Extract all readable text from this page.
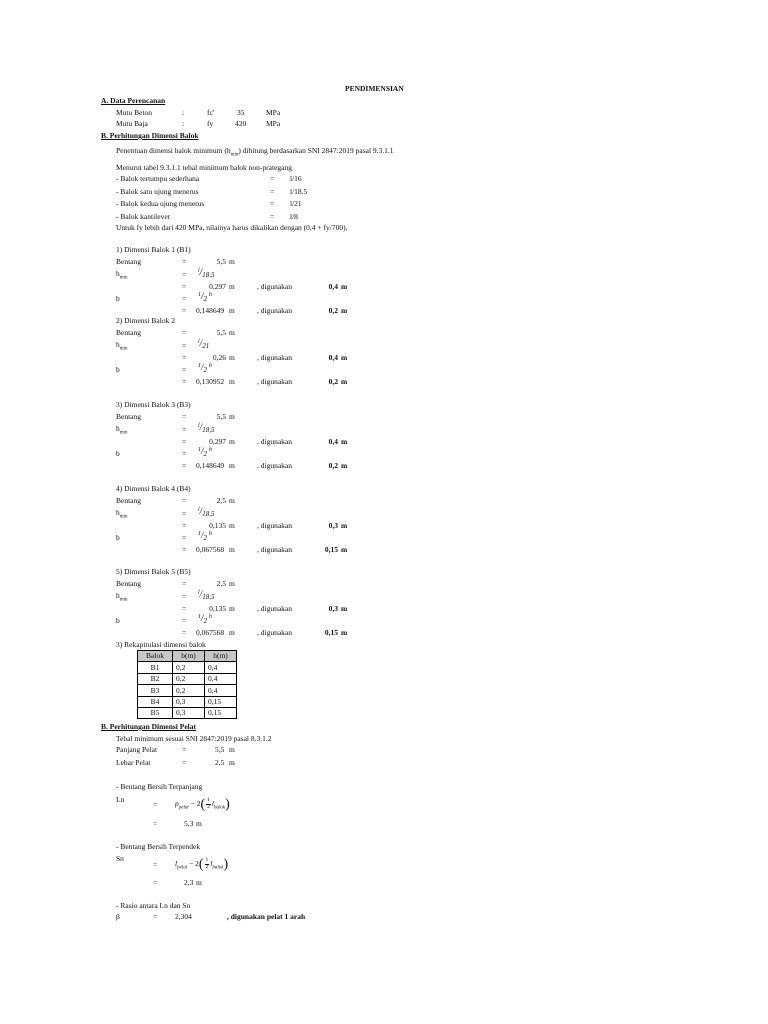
PENDIMENSIAN
A. Data Perencanan
Mutu Beton	:	fc'	35	MPa
Mutu Baja	:	fy	420	MPa
B. Perhitungan Dimensi Balok
Penentuan dimensi balok minimum $(h_{min})$ dihitung berdasarkan SNI 2847:2019 pasal 9.3.1.1
Menurut tabel 9.3.1.1 tebal minimum balok non-prategang
- Balok tertumpu sederhana	= l/16
- Balok satu ujung menerus	= l/18.5
- Balok kedua ujung menerus	= l/21
- Balok kantilever	= l/8
Untuk fy lebih dari 420 MPa, nilainya harus dikalikan dengan (0,4 + fy/700).
1) Dimensi Balok 1 (B1)
Bentang	=	5,5 m
$h_{min}$	= $^l$/18,5
=	0,297 m	, digunakan	0,4 m
b	= $^1$/2 $^h$
= 0,148649 m	, digunakan	0,2 m
2) Dimensi Balok 2
Bentang	=	5,5 m
$h_{min}$	= $^l$/21
=	0,26 m	, digunakan	0,4 m
b	= $^1$/2 $^h$
= 0,130952 m	, digunakan	0,2 m
3) Dimensi Balok 3 (B3)
Bentang	=	5,5 m
$h_{min}$	= $^l$/18,5
=	0,297 m	, digunakan	0,4 m
b	= $^1$/2 $^h$
= 0,148649 m	, digunakan	0,2 m
4) Dimensi Balok 4 (B4)
Bentang	=	2,5 m
$h_{min}$	= $^l$/18,5
=	0,135 m	, digunakan	0,3 m
b	= $^1$/2 $^h$
= 0,067568 m	, digunakan	0,15 m
5) Dimensi Balok 5 (B5)
Bentang	=	2,5 m
$h_{min}$	= $^l$/18,5
=	0,135 m	, digunakan	0,3 m
b	= $^1$/2 $^h$
= 0,067568 m	, digunakan	0,15 m
3) Rekapitulasi dimensi balok
Balok	b(m)	h(m)
B1	0,2	0,4
B2	0,2	0,4
B3	0,2	0,4
B4	0,3	0,15
B5	0,3	0,15
B. Perhitungan Dimensi Pelat
Tebal minimum sesuai SNI 2847:2019 pasal 8.3.1.2
Panjang Pelat	=	5,5 m
Lebar Pelat	=	2,5 m
- Bentang Bersih Terpanjang
Ln
= $p_{pelat} - 2( \frac{1}{2} l_{balok})$
=	5,3 m
- Bentang Bersih Terpendek
Sn
= $l_{pelat} - 2( \frac{1}{2} l_{balok})$
=	2,3 m
- Rasio antara Ln dan Sn
β	= 2,304	, digunakan pelat 1 arah
